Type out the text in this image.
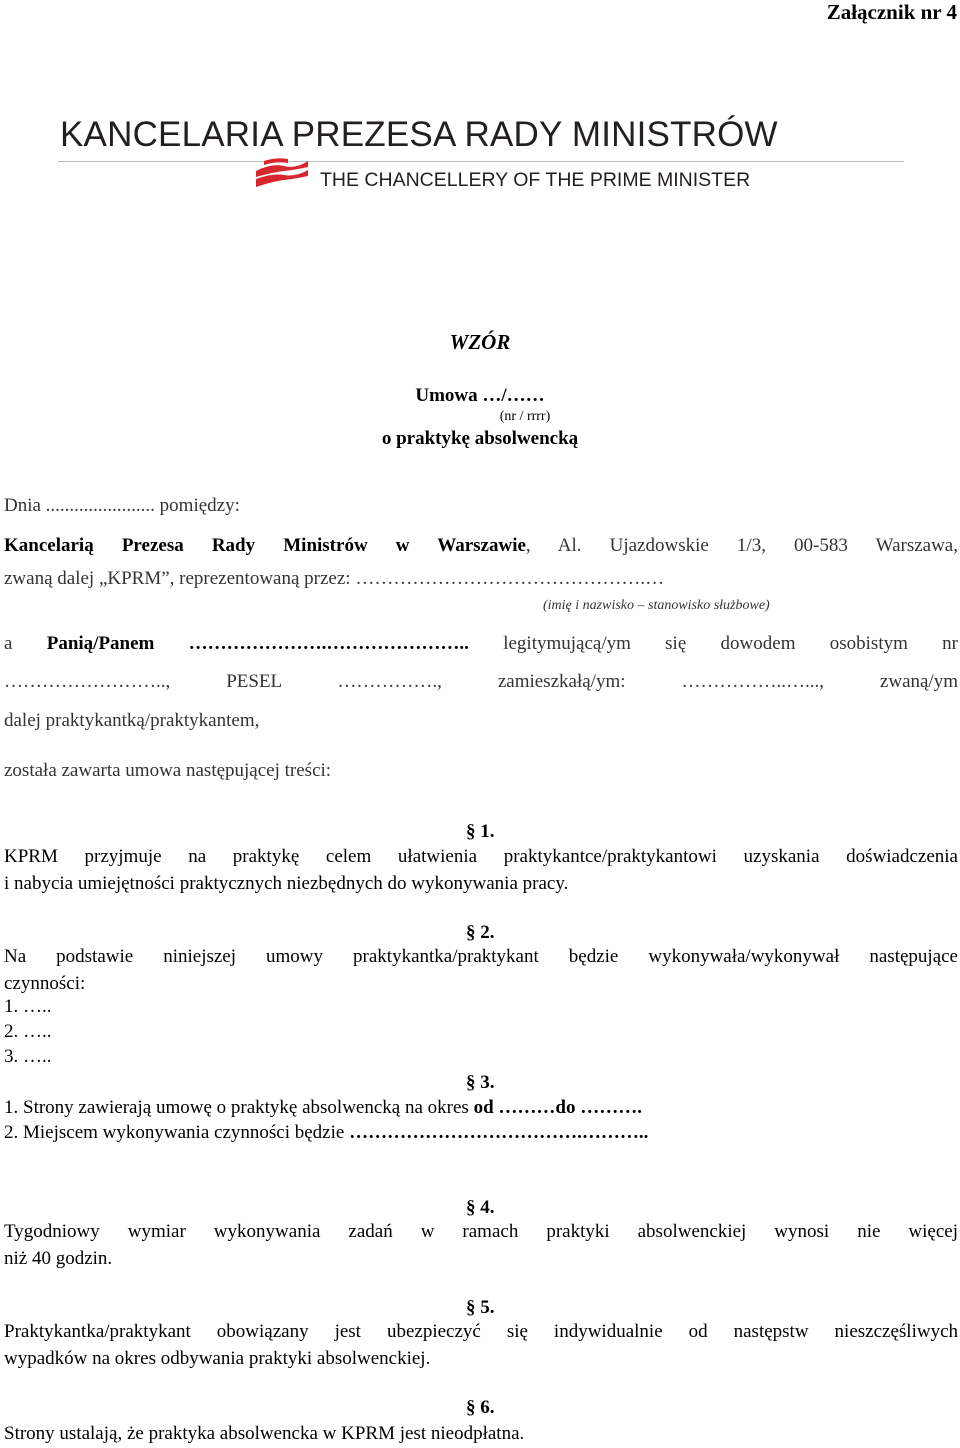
Załącznik nr 4
KANCELARIA PREZESA RADY MINISTRÓW
THE CHANCELLERY OF THE PRIME MINISTER
WZÓR
Umowa …/……
(nr / rrrr)
o praktykę absolwencką
Dnia ....................... pomiędzy:
Kancelarią Prezesa Rady Ministrów w Warszawie, Al. Ujazdowskie 1/3, 00-583 Warszawa,
zwaną dalej „KPRM”, reprezentowaną przez: ……………………………………….…
(imię i nazwisko – stanowisko służbowe)
a Panią/Panem ………………….………………….. legitymującą/ym się dowodem osobistym nr
…………………….., PESEL ……………., zamieszkałą/ym: ……………..…..., zwaną/ym
dalej praktykantką/praktykantem,
została zawarta umowa następującej treści:
§ 1.
KPRM przyjmuje na praktykę celem ułatwienia praktykantce/praktykantowi uzyskania doświadczenia
i nabycia umiejętności praktycznych niezbędnych do wykonywania pracy.
§ 2.
Na podstawie niniejszej umowy praktykantka/praktykant będzie wykonywała/wykonywał następujące
czynności:
1. …..
2. …..
3. …..
§ 3.
1. Strony zawierają umowę o praktykę absolwencką na okres od ………do ……….
2. Miejscem wykonywania czynności będzie ……………………………….………..
§ 4.
Tygodniowy wymiar wykonywania zadań w ramach praktyki absolwenckiej wynosi nie więcej
niż 40 godzin.
§ 5.
Praktykantka/praktykant obowiązany jest ubezpieczyć się indywidualnie od następstw nieszczęśliwych
wypadków na okres odbywania praktyki absolwenckiej.
§ 6.
Strony ustalają, że praktyka absolwencka w KPRM jest nieodpłatna.
